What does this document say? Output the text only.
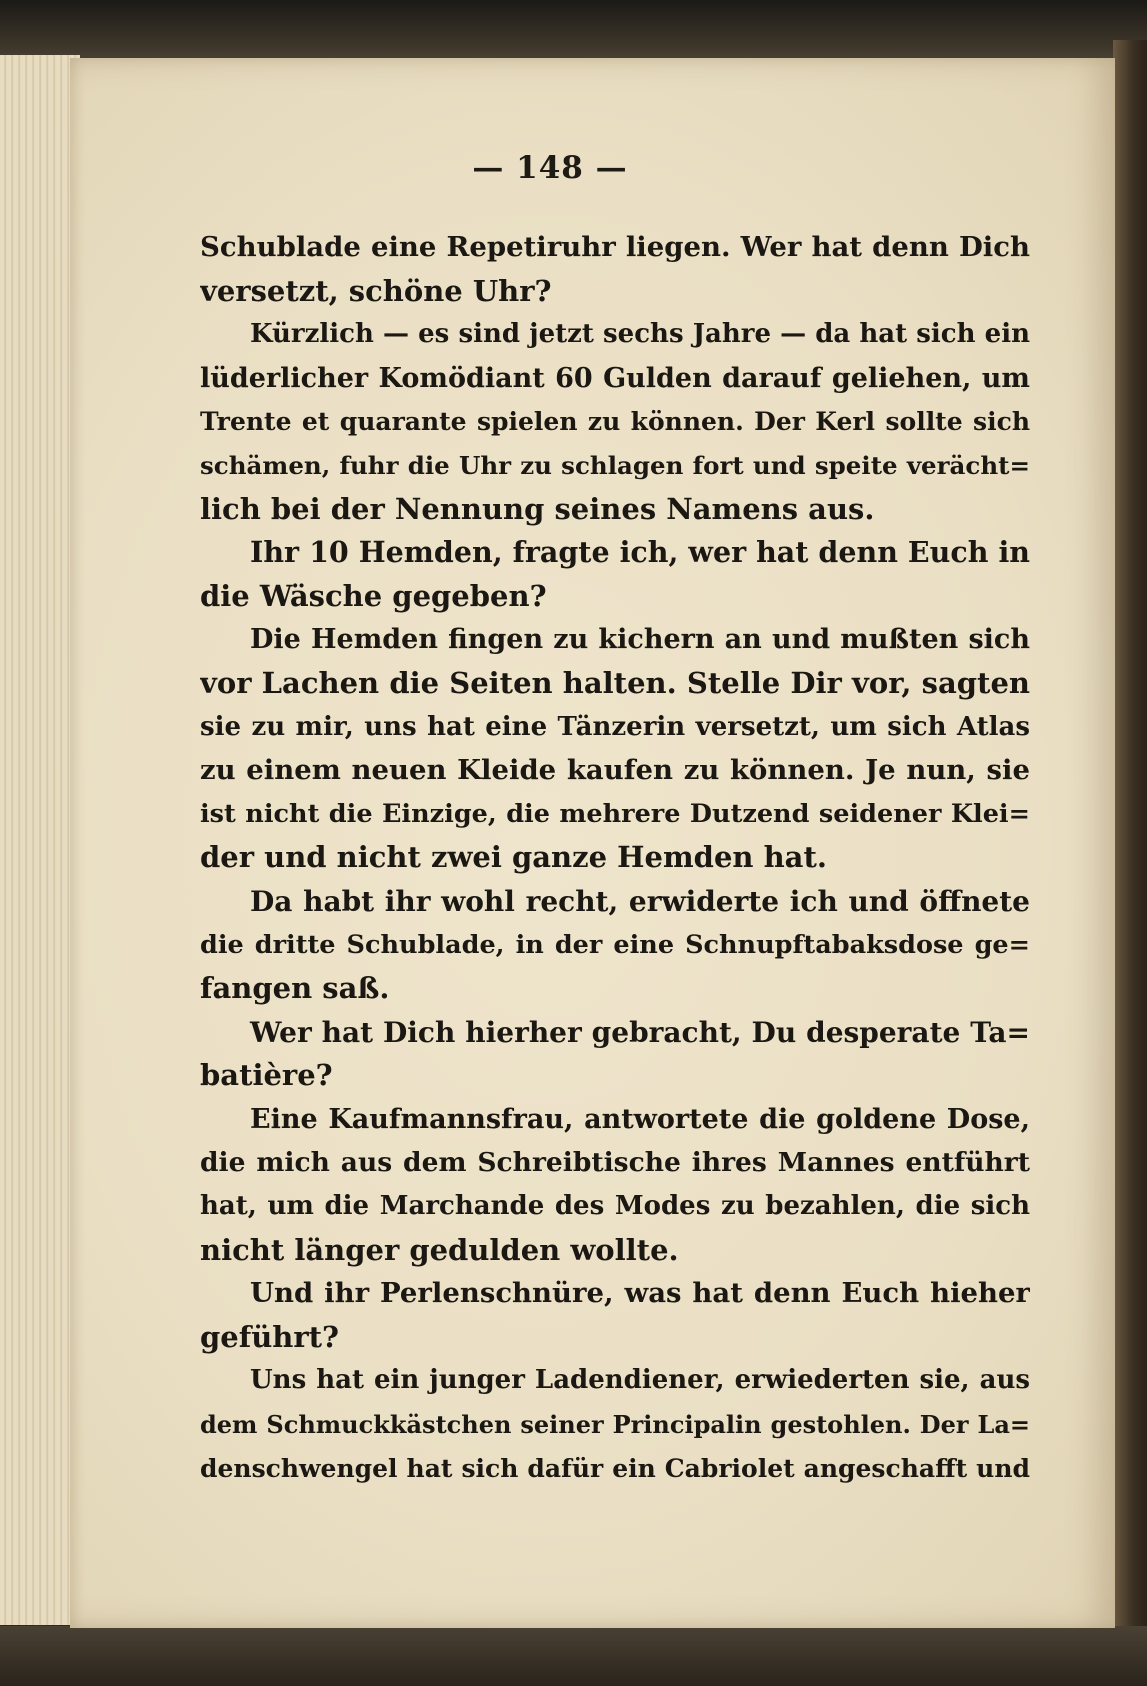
— 148 —
Schublade eine Repetiruhr liegen. Wer hat denn Dich
versetzt, schöne Uhr?
Kürzlich — es sind jetzt sechs Jahre — da hat sich ein
lüderlicher Komödiant 60 Gulden darauf geliehen, um
Trente et quarante spielen zu können. Der Kerl sollte sich
schämen, fuhr die Uhr zu schlagen fort und speite verächt=
lich bei der Nennung seines Namens aus.
Ihr 10 Hemden, fragte ich, wer hat denn Euch in
die Wäsche gegeben?
Die Hemden fingen zu kichern an und mußten sich
vor Lachen die Seiten halten. Stelle Dir vor, sagten
sie zu mir, uns hat eine Tänzerin versetzt, um sich Atlas
zu einem neuen Kleide kaufen zu können. Je nun, sie
ist nicht die Einzige, die mehrere Dutzend seidener Klei=
der und nicht zwei ganze Hemden hat.
Da habt ihr wohl recht, erwiderte ich und öffnete
die dritte Schublade, in der eine Schnupftabaksdose ge=
fangen saß.
Wer hat Dich hierher gebracht, Du desperate Ta=
batière?
Eine Kaufmannsfrau, antwortete die goldene Dose,
die mich aus dem Schreibtische ihres Mannes entführt
hat, um die Marchande des Modes zu bezahlen, die sich
nicht länger gedulden wollte.
Und ihr Perlenschnüre, was hat denn Euch hieher
geführt?
Uns hat ein junger Ladendiener, erwiederten sie, aus
dem Schmuckkästchen seiner Principalin gestohlen. Der La=
denschwengel hat sich dafür ein Cabriolet angeschafft und
